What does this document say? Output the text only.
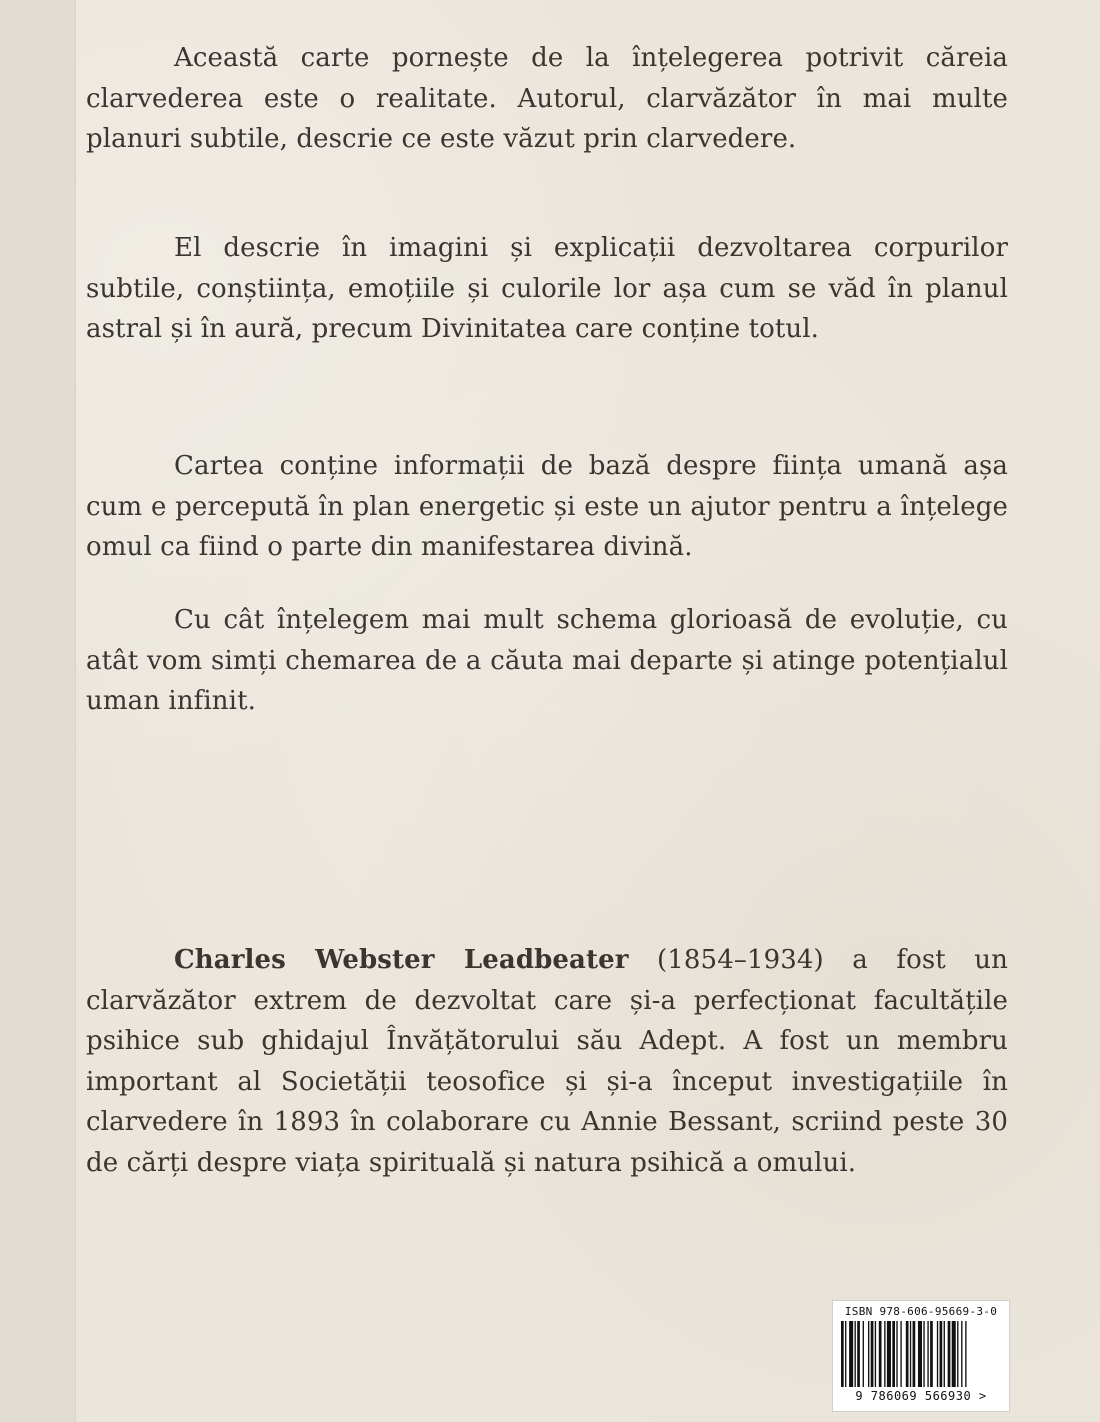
Această carte pornește de la înțelegerea potrivit căreia clarvederea este o realitate. Autorul, clarvăzător în mai multe planuri subtile, descrie ce este văzut prin clarvedere.

El descrie în imagini și explicații dezvoltarea corpurilor subtile, conștiința, emoțiile și culorile lor așa cum se văd în planul astral și în aură, precum Divinitatea care conține totul.

Cartea conține informații de bază despre ființa umană așa cum e percepută în plan energetic și este un ajutor pentru a înțelege omul ca fiind o parte din manifestarea divină.

Cu cât înțelegem mai mult schema glorioasă de evoluție, cu atât vom simți chemarea de a căuta mai departe și atinge potențialul uman infinit.

Charles Webster Leadbeater (1854–1934) a fost un clarvăzător extrem de dezvoltat care și-a perfecționat facultățile psihice sub ghidajul Învățătorului său Adept. A fost un membru important al Societății teosofice și și-a început investigațiile în clarvedere în 1893 în colaborare cu Annie Bessant, scriind peste 30 de cărți despre viața spirituală și natura psihică a omului.

ISBN 978-606-95669-3-0
9 786069 566930 >
